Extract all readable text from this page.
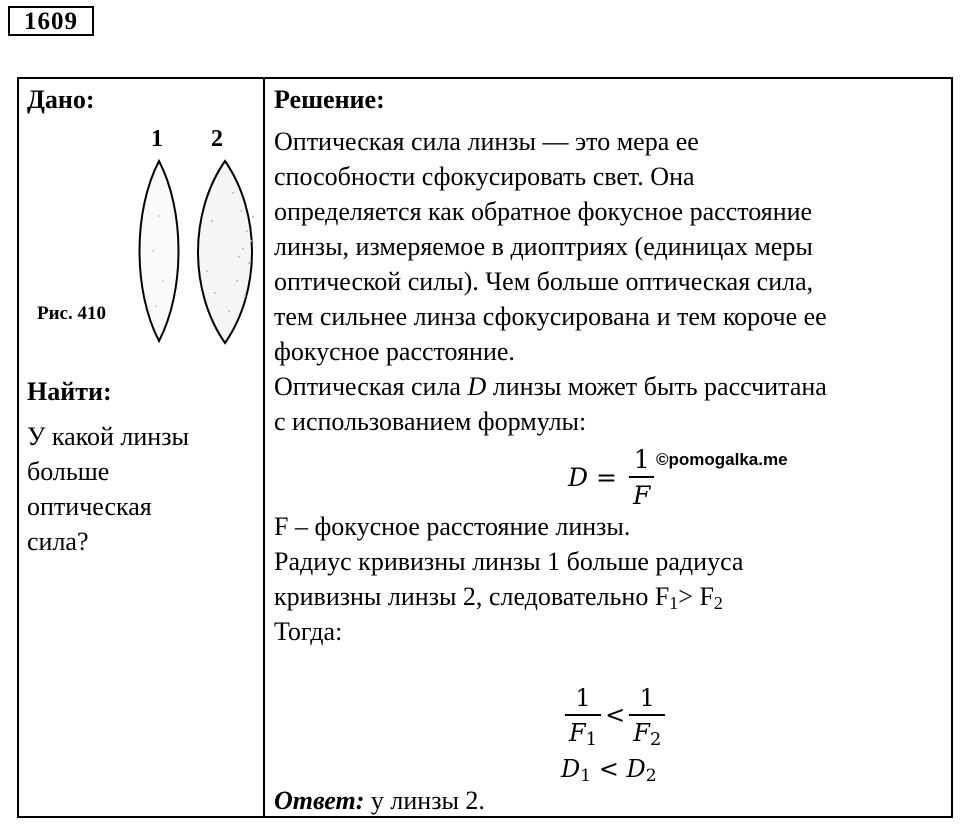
1609
Дано:
1 2
Рис. 410
Найти:
У какой линзы
больше
оптическая
сила?
Решение:
Оптическая сила линзы — это мера ее
способности сфокусировать свет. Она
определяется как обратное фокусное расстояние
линзы, измеряемое в диоптриях (единицах меры
оптической силы). Чем больше оптическая сила,
тем сильнее линза сфокусирована и тем короче ее
фокусное расстояние.
Оптическая сила D линзы может быть рассчитана
с использованием формулы:
$D = \frac{1}{F}$ ©pomogalka.me
F – фокусное расстояние линзы.
Радиус кривизны линзы 1 больше радиуса
кривизны линзы 2, следовательно $F_1> F_2$
Тогда:
$\frac{1}{F_1} < \frac{1}{F_2}$
$D_1 < D_2$
Ответ: у линзы 2.
